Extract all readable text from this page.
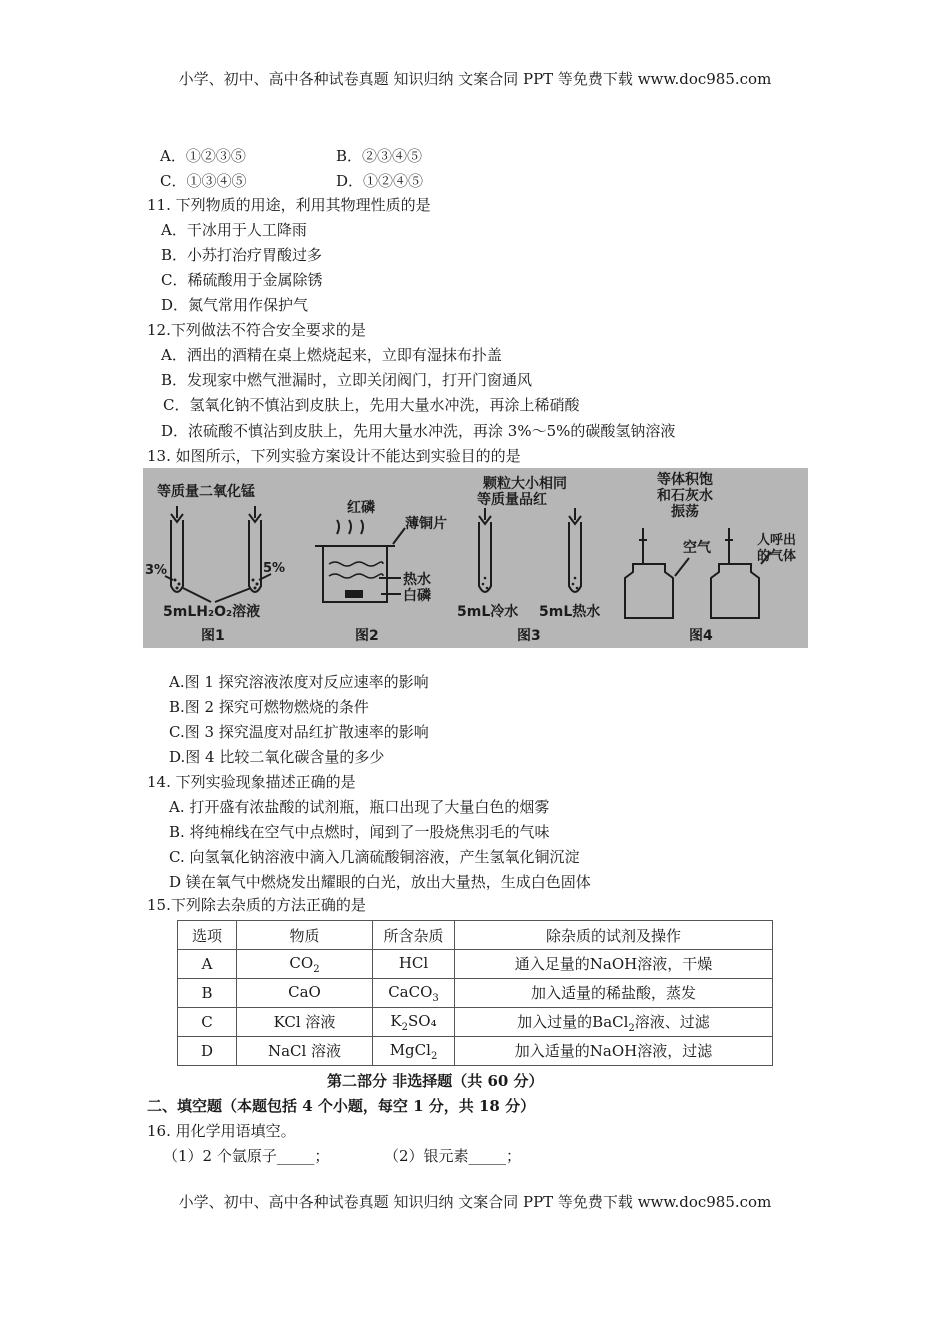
小学、初中、高中各种试卷真题 知识归纳 文案合同 PPT 等免费下载 www.doc985.com
A．①②③⑤	B．②③④⑤
C．①③④⑤	D．①②④⑤
11. 下列物质的用途，利用其物理性质的是
A．干冰用于人工降雨
B．小苏打治疗胃酸过多
C．稀硫酸用于金属除锈
D．氮气常用作保护气
12.下列做法不符合安全要求的是
A．洒出的酒精在桌上燃烧起来，立即有湿抹布扑盖
B．发现家中燃气泄漏时，立即关闭阀门，打开门窗通风
C．氢氧化钠不慎沾到皮肤上，先用大量水冲洗，再涂上稀硝酸
D．浓硫酸不慎沾到皮肤上，先用大量水冲洗，再涂 3%～5%的碳酸氢钠溶液
13. 如图所示，下列实验方案设计不能达到实验目的的是
等质量二氧化锰
3%	5%
5mLH₂O₂溶液
图1
红磷
薄铜片
热水
白磷
图2
颗粒大小相同
等质量品红
5mL冷水 5mL热水
图3
等体积饱
和石灰水
振荡
空气	人呼出
的气体
图4
A.图 1 探究溶液浓度对反应速率的影响
B.图 2 探究可燃物燃烧的条件
C.图 3 探究温度对品红扩散速率的影响
D.图 4 比较二氧化碳含量的多少
14. 下列实验现象描述正确的是
A. 打开盛有浓盐酸的试剂瓶，瓶口出现了大量白色的烟雾
B. 将纯棉线在空气中点燃时，闻到了一股烧焦羽毛的气味
C. 向氢氧化钠溶液中滴入几滴硫酸铜溶液，产生氢氧化铜沉淀
D 镁在氧气中燃烧发出耀眼的白光，放出大量热，生成白色固体
15.下列除去杂质的方法正确的是
选项	物质	所含杂质	除杂质的试剂及操作
A	$CO_2$	HCl	通入足量的NaOH溶液，干燥
B	CaO	CaCO$_3$	加入适量的稀盐酸，蒸发
C	KCl 溶液	$K_2SO_4$	加入过量的BaCl$_2$溶液、过滤
D	NaCl 溶液	MgCl$_2$	加入适量的NaOH溶液，过滤
第二部分 非选择题（共 60 分）
二、填空题（本题包括 4 个小题，每空 1 分，共 18 分）
16. 用化学用语填空。
（1）2 个氩原子_____；	（2）银元素_____；
小学、初中、高中各种试卷真题 知识归纳 文案合同 PPT 等免费下载 www.doc985.com
